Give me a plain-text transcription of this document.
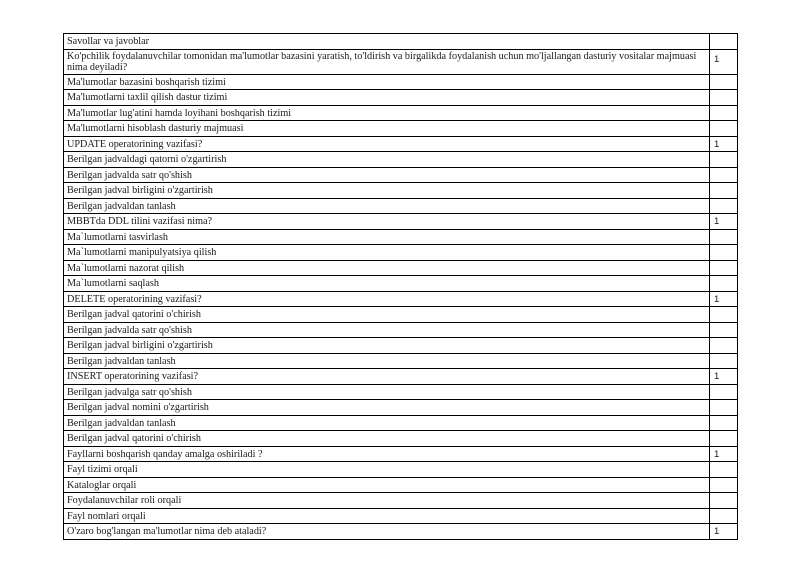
Savollar va javoblar	
Ko'pchilik foydalanuvchilar tomonidan ma'lumotlar bazasini yaratish, to'ldirish va birgalikda foydalanish uchun mo'ljallangan dasturiy vositalar majmuasi nima deyiladi?	1
Ma'lumotlar bazasini boshqarish tizimi	
Ma'lumotlarni taxlil qilish dastur tizimi	
Ma'lumotlar lug'atini hamda loyihani boshqarish tizimi	
Ma'lumotlarni hisoblash dasturiy majmuasi	
UPDATE operatorining vazifasi?	1
Berilgan jadvaldagi qatorni o'zgartirish	
Berilgan jadvalda satr qo'shish	
Berilgan jadval birligini o'zgartirish	
Berilgan jadvaldan tanlash	
MBBTda DDL tilini vazifasi nima?	1
Ma`lumotlarni tasvirlash	
Ma`lumotlarni manipulyatsiya qilish	
Ma`lumotlarni nazorat qilish	
Ma`lumotlarni saqlash	
DELETE operatorining vazifasi?	1
Berilgan jadval qatorini o'chirish	
Berilgan jadvalda satr qo'shish	
Berilgan jadval birligini o'zgartirish	
Berilgan jadvaldan tanlash	
INSERT operatorining vazifasi?	1
Berilgan jadvalga satr qo'shish	
Berilgan jadval nomini o'zgartirish	
Berilgan jadvaldan tanlash	
Berilgan jadval qatorini o'chirish	
Fayllarni boshqarish qanday amalga oshiriladi ?	1
Fayl tizimi orqali	
Kataloglar orqali	
Foydalanuvchilar roli orqali	
Fayl nomlari orqali	
O'zaro bog'langan ma'lumotlar nima deb ataladi?	1
